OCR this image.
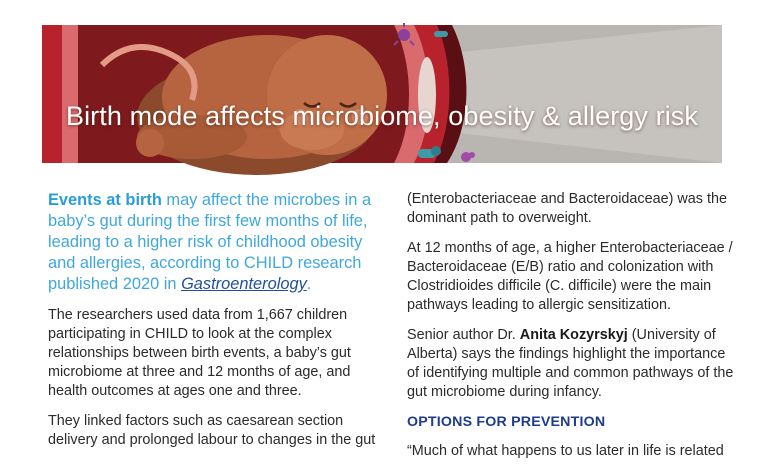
Birth mode affects microbiome, obesity & allergy risk

Events at birth may affect the microbes in a baby’s gut during the first few months of life, leading to a higher risk of childhood obesity and allergies, according to CHILD research published 2020 in Gastroenterology.

The researchers used data from 1,667 children participating in CHILD to look at the complex relationships between birth events, a baby’s gut microbiome at three and 12 months of age, and health outcomes at ages one and three.

They linked factors such as caesarean section delivery and prolonged labour to changes in the gut

(Enterobacteriaceae and Bacteroidaceae) was the dominant path to overweight.

At 12 months of age, a higher Enterobacteriaceae / Bacteroidaceae (E/B) ratio and colonization with Clostridioides difficile (C. difficile) were the main pathways leading to allergic sensitization.

Senior author Dr. Anita Kozyrskyj (University of Alberta) says the findings highlight the importance of identifying multiple and common pathways of the gut microbiome during infancy.

OPTIONS FOR PREVENTION

“Much of what happens to us later in life is related
